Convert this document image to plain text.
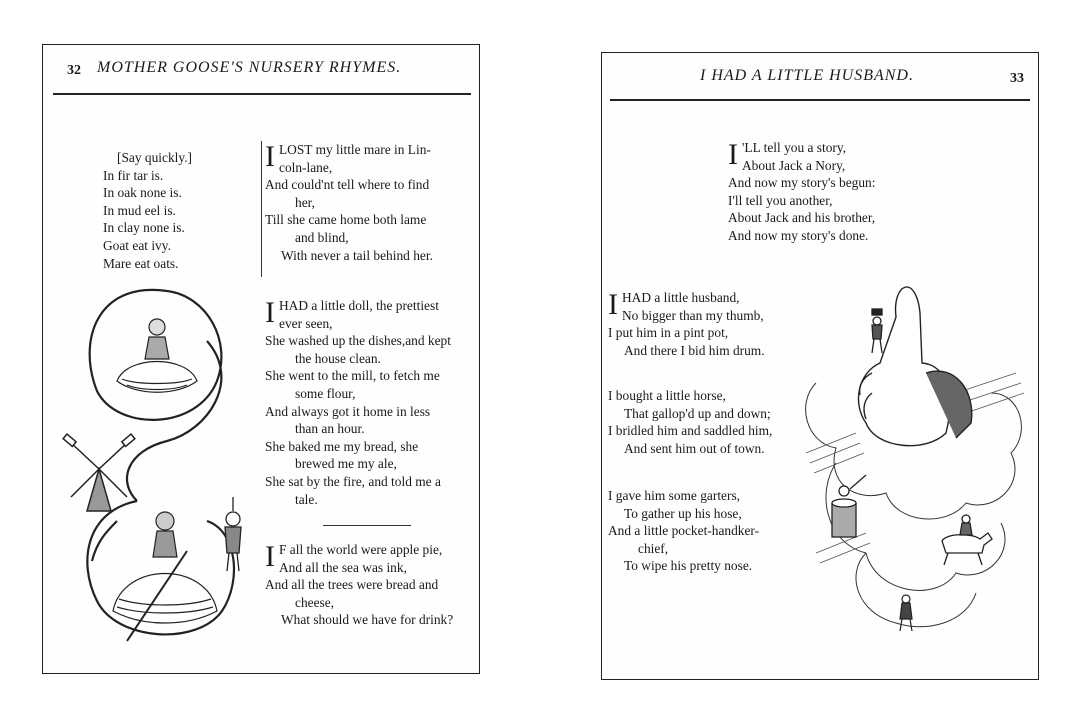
32 MOTHER GOOSE'S NURSERY RHYMES.
[Say quickly.]
In fir tar is.
In oak none is.
In mud eel is.
In clay none is.
Goat eat ivy.
Mare eat oats.
I LOST my little mare in Lin-
coln-lane,
And could'nt tell where to find
her,
Till she came home both lame
and blind,
With never a tail behind her.
I HAD a little doll, the prettiest
ever seen,
She washed up the dishes,and kept
the house clean.
She went to the mill, to fetch me
some flour,
And always got it home in less
than an hour.
She baked me my bread, she
brewed me my ale,
She sat by the fire, and told me a
tale.
I F all the world were apple pie,
And all the sea was ink,
And all the trees were bread and
cheese,
What should we have for drink?
I HAD A LITTLE HUSBAND.	33
I 'LL tell you a story,
About Jack a Nory,
And now my story's begun:
I'll tell you another,
About Jack and his brother,
And now my story's done.
I HAD a little husband,
No bigger than my thumb,
I put him in a pint pot,
And there I bid him drum.
I bought a little horse,
That gallop'd up and down;
I bridled him and saddled him,
And sent him out of town.
I gave him some garters,
To gather up his hose,
And a little pocket-handker-
chief,
To wipe his pretty nose.
